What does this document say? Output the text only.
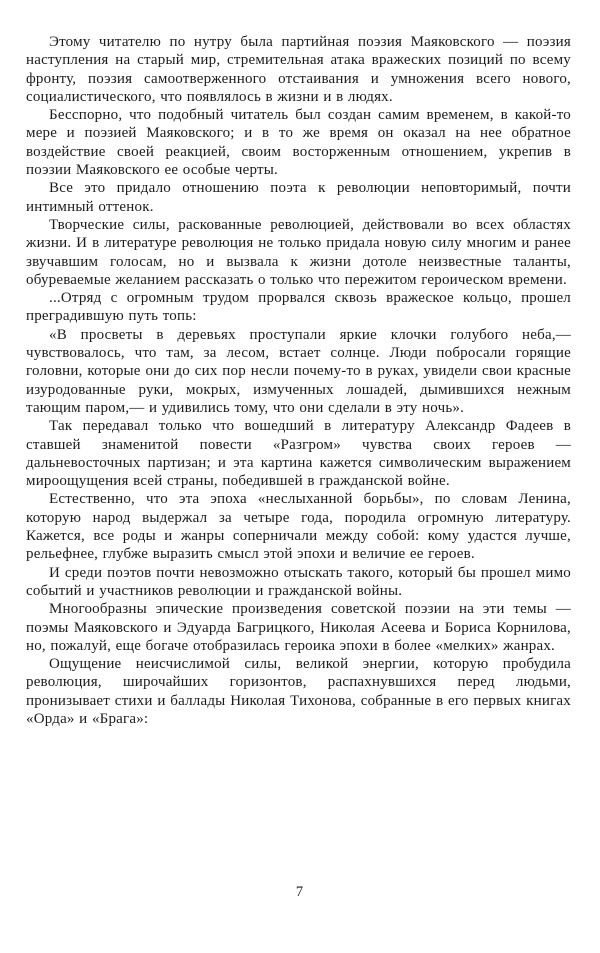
Этому читателю по нутру была партийная поэзия Маяковского — поэзия наступления на старый мир, стремительная атака вражеских позиций по всему фронту, поэзия самоотверженного отстаивания и умножения всего нового, социалистического, что появлялось в жизни и в людях.

Бесспорно, что подобный читатель был создан самим временем, в какой-то мере и поэзией Маяковского; и в то же время он оказал на нее обратное воздействие своей реакцией, своим восторженным отношением, укрепив в поэзии Маяковского ее особые черты.

Все это придало отношению поэта к революции неповторимый, почти интимный оттенок.

Творческие силы, раскованные революцией, действовали во всех областях жизни. И в литературе революция не только придала новую силу многим и ранее звучавшим голосам, но и вызвала к жизни дотоле неизвестные таланты, обуреваемые желанием рассказать о только что пережитом героическом времени.

...Отряд с огромным трудом прорвался сквозь вражеское кольцо, прошел преградившую путь топь:

«В просветы в деревьях проступали яркие клочки голубого неба,— чувствовалось, что там, за лесом, встает солнце. Люди побросали горящие головни, которые они до сих пор несли почему-то в руках, увидели свои красные изуродованные руки, мокрых, измученных лошадей, дымившихся нежным тающим паром,— и удивились тому, что они сделали в эту ночь».

Так передавал только что вошедший в литературу Александр Фадеев в ставшей знаменитой повести «Разгром» чувства своих героев — дальневосточных партизан; и эта картина кажется символическим выражением мироощущения всей страны, победившей в гражданской войне.

Естественно, что эта эпоха «неслыханной борьбы», по словам Ленина, которую народ выдержал за четыре года, породила огромную литературу. Кажется, все роды и жанры соперничали между собой: кому удастся лучше, рельефнее, глубже выразить смысл этой эпохи и величие ее героев.

И среди поэтов почти невозможно отыскать такого, который бы прошел мимо событий и участников революции и гражданской войны.

Многообразны эпические произведения советской поэзии на эти темы — поэмы Маяковского и Эдуарда Багрицкого, Николая Асеева и Бориса Корнилова, но, пожалуй, еще богаче отобразилась героика эпохи в более «мелких» жанрах.

Ощущение неисчислимой силы, великой энергии, которую пробудила революция, широчайших горизонтов, распахнувшихся перед людьми, пронизывает стихи и баллады Николая Тихонова, собранные в его первых книгах «Орда» и «Брага»:

7
